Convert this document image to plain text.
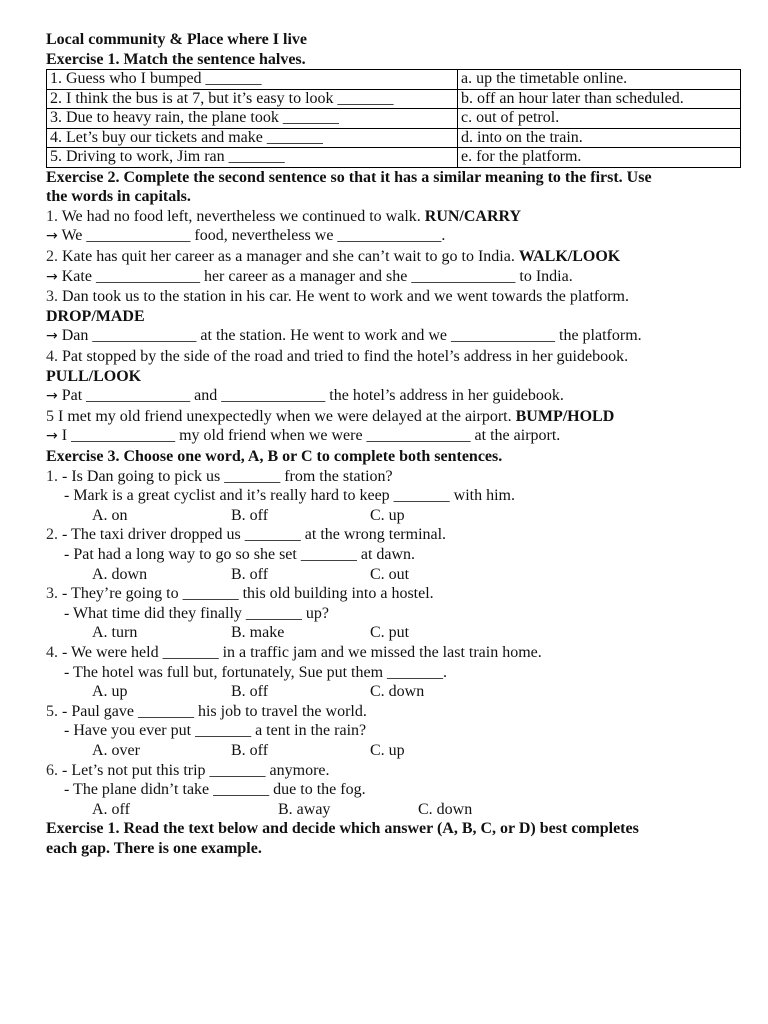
Local community & Place where I live
Exercise 1. Match the sentence halves.
1. Guess who I bumped _______	a. up the timetable online.
2. I think the bus is at 7, but it’s easy to look _______	b. off an hour later than scheduled.
3. Due to heavy rain, the plane took _______	c. out of petrol.
4. Let’s buy our tickets and make _______	d. into on the train.
5. Driving to work, Jim ran _______	e. for the platform.
Exercise 2. Complete the second sentence so that it has a similar meaning to the first. Use
the words in capitals.
1. We had no food left, nevertheless we continued to walk. RUN/CARRY
→ We _____________ food, nevertheless we _____________.
2. Kate has quit her career as a manager and she can’t wait to go to India. WALK/LOOK
→ Kate _____________ her career as a manager and she _____________ to India.
3. Dan took us to the station in his car. He went to work and we went towards the platform.
DROP/MADE
→ Dan _____________ at the station. He went to work and we _____________ the platform.
4. Pat stopped by the side of the road and tried to find the hotel’s address in her guidebook.
PULL/LOOK
→ Pat _____________ and _____________ the hotel’s address in her guidebook.
5 I met my old friend unexpectedly when we were delayed at the airport. BUMP/HOLD
→ I _____________ my old friend when we were _____________ at the airport.
Exercise 3. Choose one word, A, B or C to complete both sentences.
1. - Is Dan going to pick us _______ from the station?
- Mark is a great cyclist and it’s really hard to keep _______ with him.
A. on	B. off	C. up
2. - The taxi driver dropped us _______ at the wrong terminal.
- Pat had a long way to go so she set _______ at dawn.
A. down	B. off	C. out
3. - They’re going to _______ this old building into a hostel.
- What time did they finally _______ up?
A. turn	B. make	C. put
4. - We were held _______ in a traffic jam and we missed the last train home.
- The hotel was full but, fortunately, Sue put them _______.
A. up	B. off	C. down
5. - Paul gave _______ his job to travel the world.
- Have you ever put _______ a tent in the rain?
A. over	B. off	C. up
6. - Let’s not put this trip _______ anymore.
- The plane didn’t take _______ due to the fog.
A. off	B. away	C. down
Exercise 1. Read the text below and decide which answer (A, B, C, or D) best completes
each gap. There is one example.
